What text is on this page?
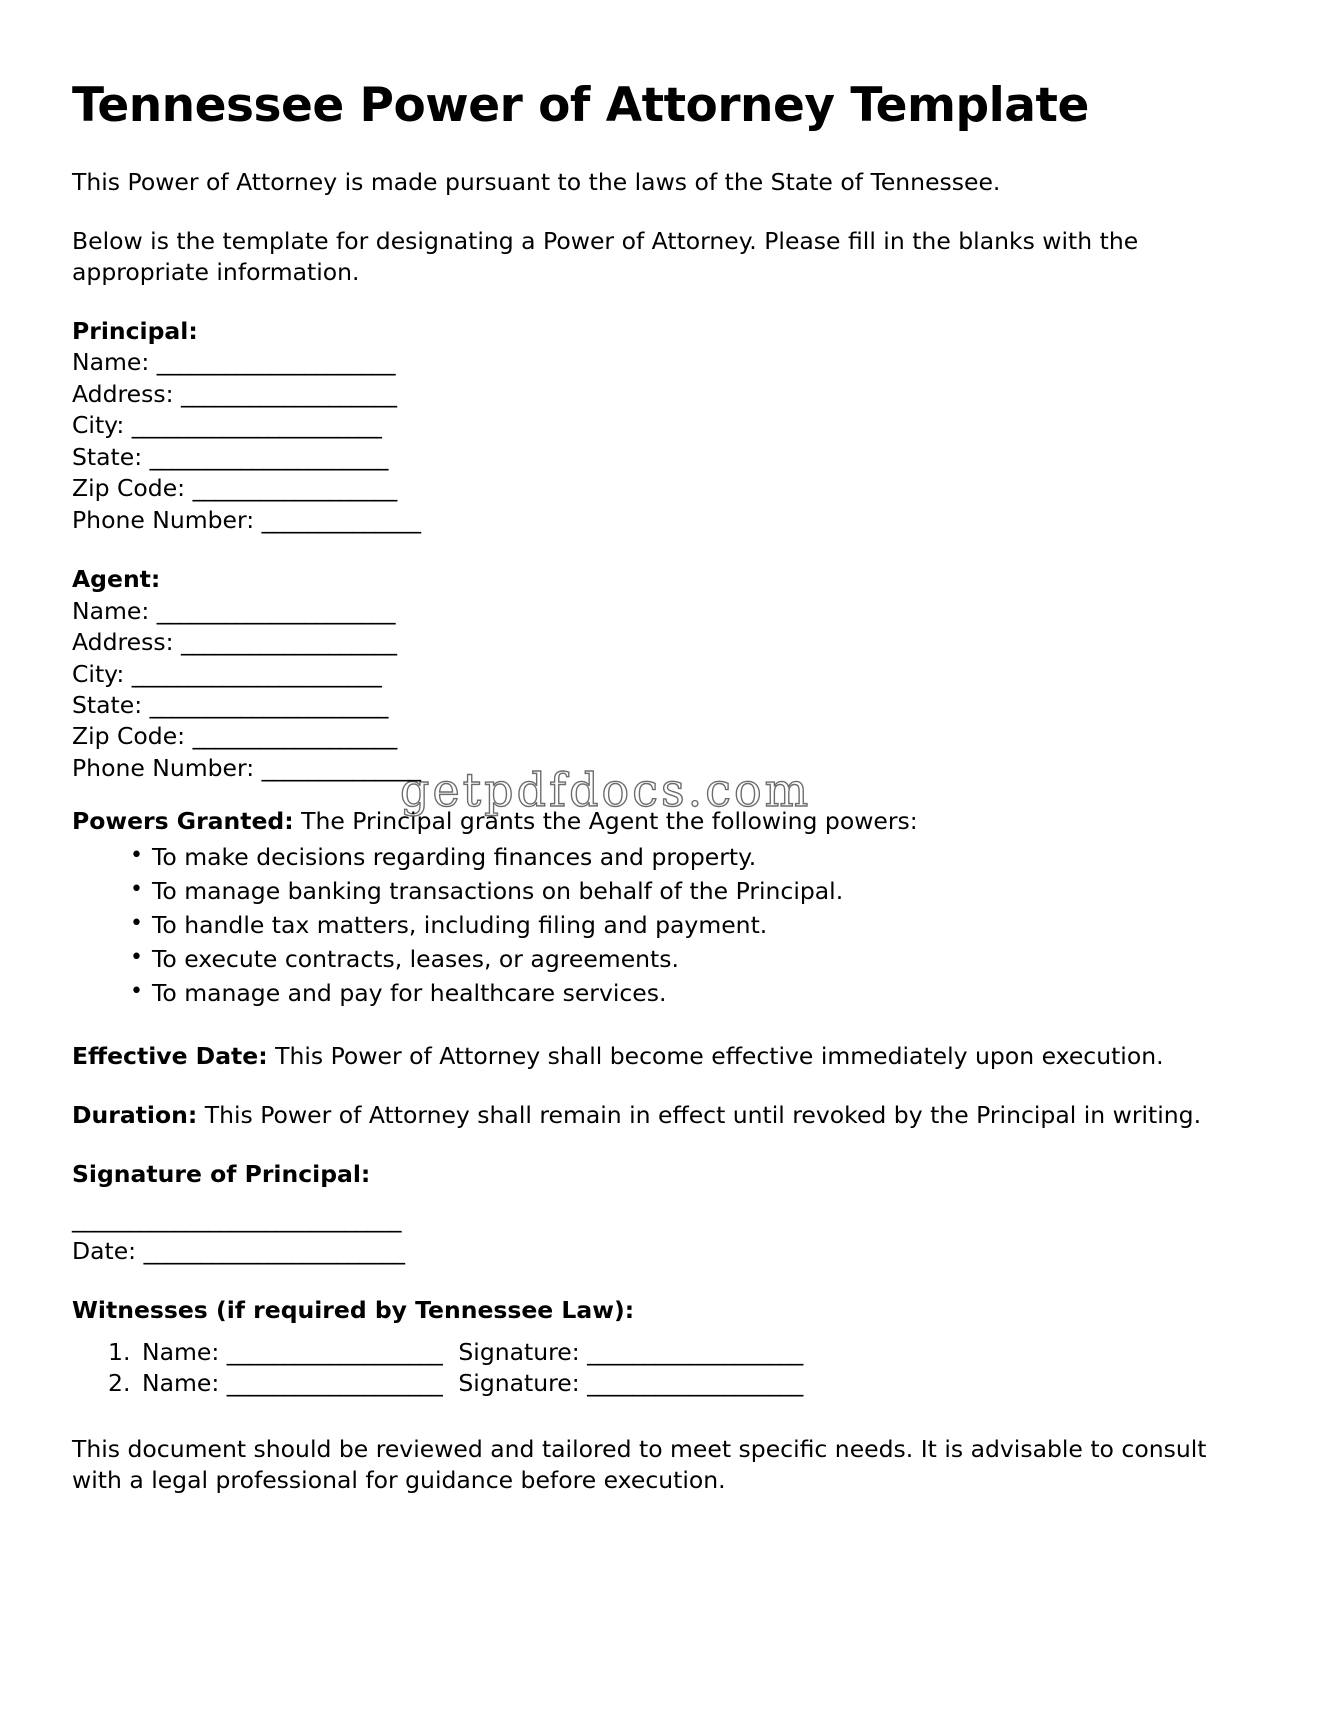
getpdfdocs.com
Tennessee Power of Attorney Template

This Power of Attorney is made pursuant to the laws of the State of Tennessee.

Below is the template for designating a Power of Attorney. Please fill in the blanks with the appropriate information.

Principal:
Name: _____________________
Address: ___________________
City: ______________________
State: _____________________
Zip Code: __________________
Phone Number: ______________
Agent:
Name: _____________________
Address: ___________________
City: ______________________
State: _____________________
Zip Code: __________________
Phone Number: ______________

Powers Granted: The Principal grants the Agent the following powers:

• To make decisions regarding finances and property.
• To manage banking transactions on behalf of the Principal.
• To handle tax matters, including filing and payment.
• To execute contracts, leases, or agreements.
• To manage and pay for healthcare services.

Effective Date: This Power of Attorney shall become effective immediately upon execution.

Duration: This Power of Attorney shall remain in effect until revoked by the Principal in writing.

Signature of Principal:
_____________________________
Date: _______________________
Witnesses (if required by Tennessee Law):
Name: ___________________ Signature: ___________________
Name: ___________________ Signature: ___________________

This document should be reviewed and tailored to meet specific needs. It is advisable to consult with a legal professional for guidance before execution.
